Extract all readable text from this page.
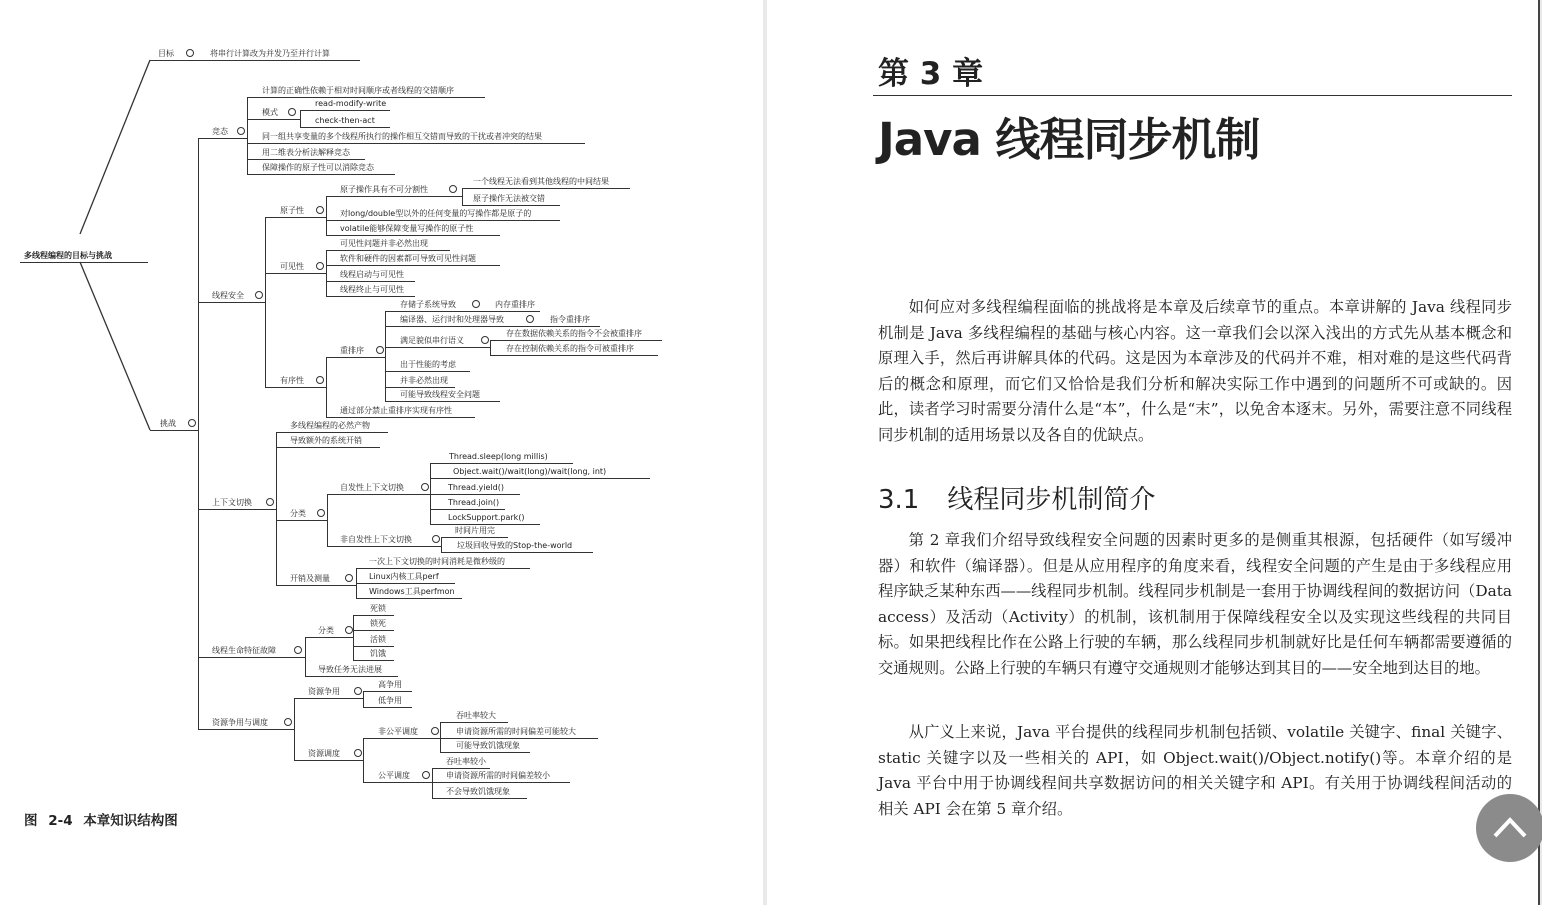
多线程编程的目标与挑战
目标	将串行计算改为并发乃至并行计算
挑战
竞态
计算的正确性依赖于相对时间顺序或者线程的交错顺序
模式
read-modify-write
check-then-act
同一组共享变量的多个线程所执行的操作相互交错而导致的干扰或者冲突的结果
用二维表分析法解释竞态
保障操作的原子性可以消除竞态
线程安全
原子性
原子操作具有不可分割性
一个线程无法看到其他线程的中间结果
原子操作无法被交错
对long/double型以外的任何变量的写操作都是原子的
volatile能够保障变量写操作的原子性
可见性
可见性问题并非必然出现
软件和硬件的因素都可导致可见性问题
线程启动与可见性
线程终止与可见性
有序性
重排序
存储子系统导致	内存重排序
编译器、运行时和处理器导致	指令重排序
满足貌似串行语义
存在数据依赖关系的指令不会被重排序
存在控制依赖关系的指令可被重排序
出于性能的考虑
并非必然出现
可能导致线程安全问题
通过部分禁止重排序实现有序性
上下文切换
多线程编程的必然产物
导致额外的系统开销
分类
自发性上下文切换
Thread.sleep(long millis)
Object.wait()/wait(long)/wait(long, int)
Thread.yield()
Thread.join()
LockSupport.park()
非自发性上下文切换
时间片用完
垃圾回收导致的Stop-the-world
开销及测量
一次上下文切换的时间消耗是微秒级的
Linux内核工具perf
Windows工具perfmon
线程生命特征故障
分类
死锁
锁死
活锁
饥饿
导致任务无法进展
资源争用与调度
资源争用
高争用
低争用
资源调度
非公平调度
吞吐率较大
申请资源所需的时间偏差可能较大
可能导致饥饿现象
公平调度
吞吐率较小
申请资源所需的时间偏差较小
不会导致饥饿现象
图 2-4 本章知识结构图
第 3 章
Java 线程同步机制

如何应对多线程编程面临的挑战将是本章及后续章节的重点。本章讲解的 Java 线程同步机制是 Java 多线程编程的基础与核心内容。这一章我们会以深入浅出的方式先从基本概念和原理入手，然后再讲解具体的代码。这是因为本章涉及的代码并不难，相对难的是这些代码背后的概念和原理，而它们又恰恰是我们分析和解决实际工作中遇到的问题所不可或缺的。因此，读者学习时需要分清什么是“本”，什么是“末”，以免舍本逐末。另外，需要注意不同线程同步机制的适用场景以及各自的优缺点。

3.1 线程同步机制简介

第 2 章我们介绍导致线程安全问题的因素时更多的是侧重其根源，包括硬件（如写缓冲器）和软件（编译器）。但是从应用程序的角度来看，线程安全问题的产生是由于多线程应用程序缺乏某种东西——线程同步机制。线程同步机制是一套用于协调线程间的数据访问（Data access）及活动（Activity）的机制，该机制用于保障线程安全以及实现这些线程的共同目标。如果把线程比作在公路上行驶的车辆，那么线程同步机制就好比是任何车辆都需要遵循的交通规则。公路上行驶的车辆只有遵守交通规则才能够达到其目的——安全地到达目的地。

从广义上来说，Java 平台提供的线程同步机制包括锁、volatile 关键字、final 关键字、static 关键字以及一些相关的 API，如 Object.wait()/Object.notify()等。本章介绍的是 Java 平台中用于协调线程间共享数据访问的相关关键字和 API。有关用于协调线程间活动的相关 API 会在第 5 章介绍。
